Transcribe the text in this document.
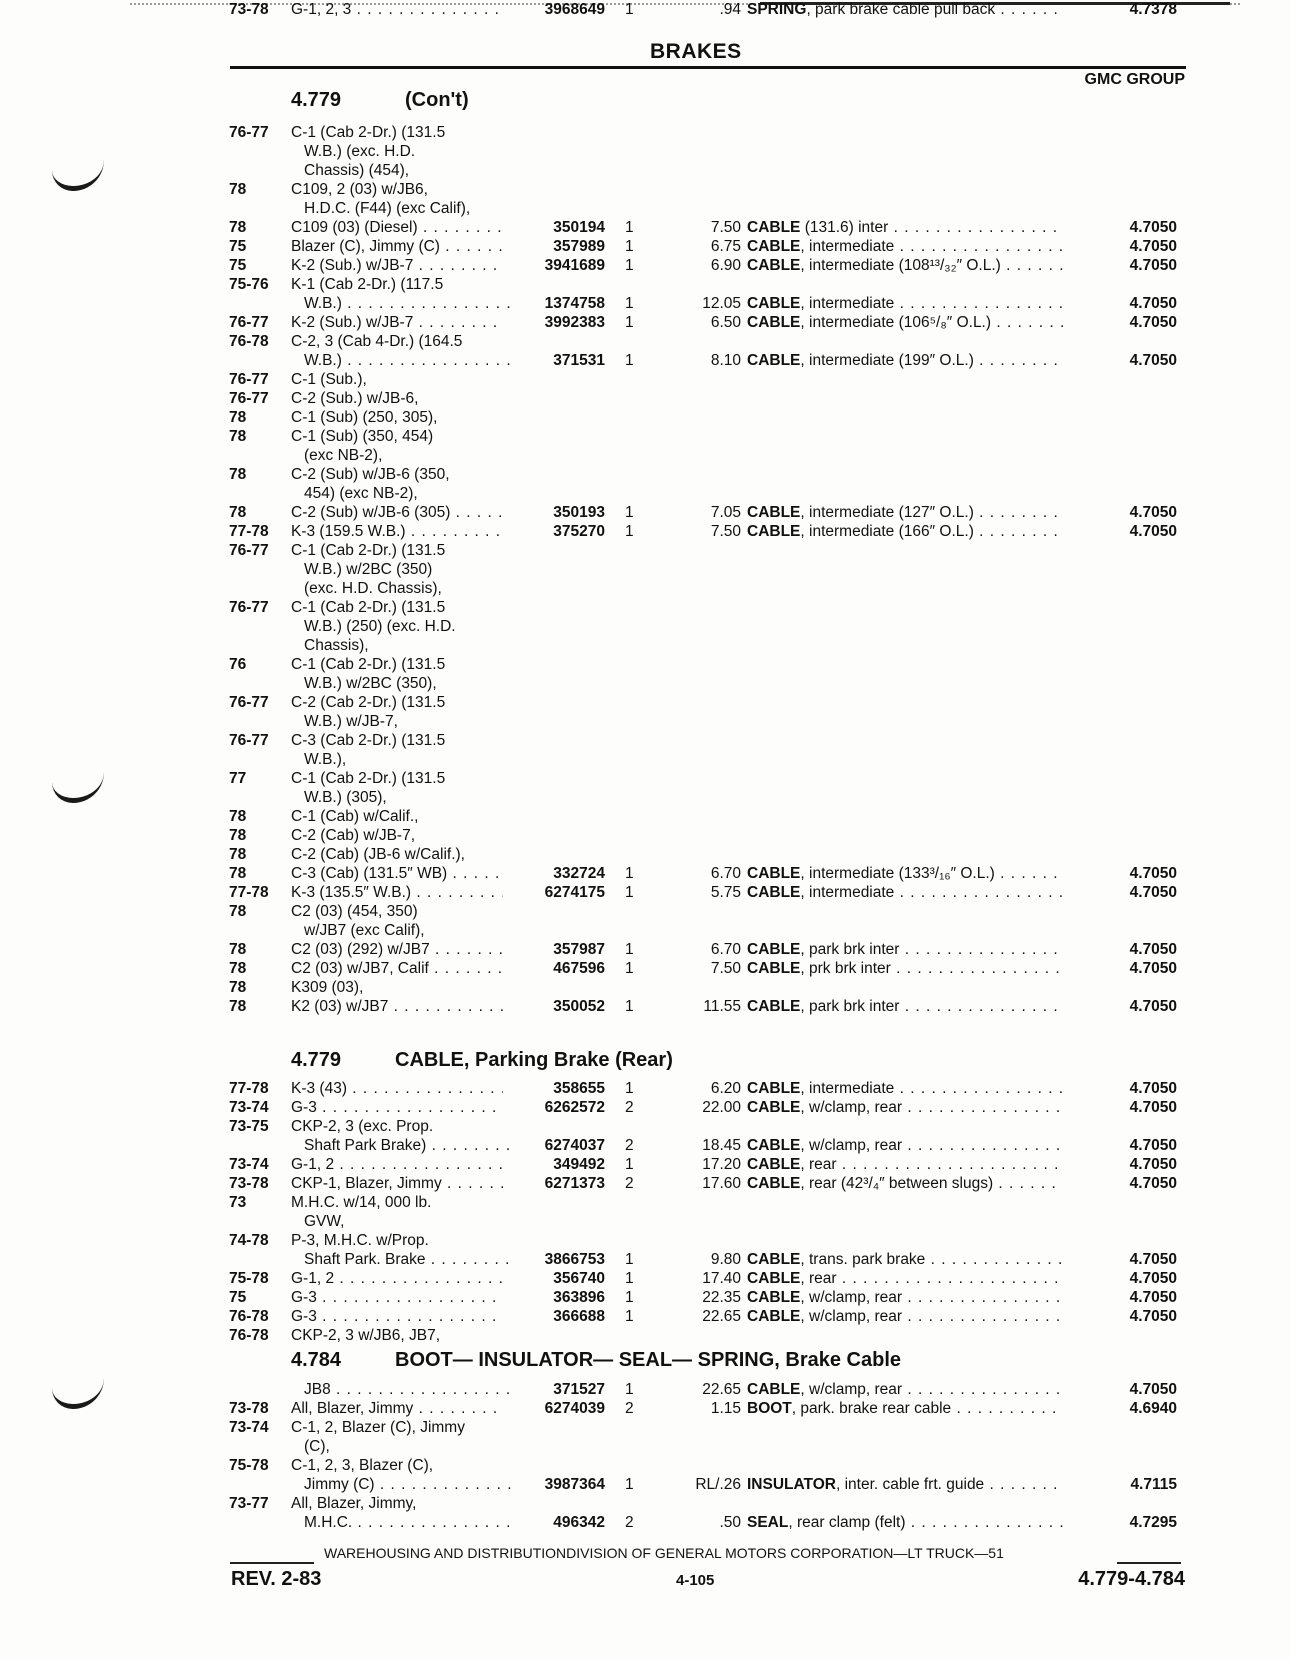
BRAKES
GMC GROUP
4.779	(Con't)
4.779	CABLE, Parking Brake (Rear)
4.784	BOOT— INSULATOR— SEAL— SPRING, Brake Cable
76-77 C-1 (Cab 2-Dr.) (131.5
W.B.) (exc. H.D.
Chassis) (454),
78	C109, 2 (03) w/JB6,
H.D.C. (F44) (exc Calif),
78	C109 (03) (Diesel) . . .	350194 1	7.50 CABLE (131.6) inter . . .	4.7050
75	Blazer (C), Jimmy (C) . . .	357989 1	6.75 CABLE, intermediate . . .	4.7050
75	K-2 (Sub.) w/JB-7 . . .	3941689 1	6.90 CABLE, intermediate (108¹³/₃₂″ O.L.) . . .	4.7050
75-76 K-1 (Cab 2-Dr.) (117.5
W.B.) . . .	1374758 1	12.05 CABLE, intermediate . . .	4.7050
76-77 K-2 (Sub.) w/JB-7 . . .	3992383 1	6.50 CABLE, intermediate (106⁵/₈″ O.L.) . . .	4.7050
76-78 C-2, 3 (Cab 4-Dr.) (164.5
W.B.) . . .	371531 1	8.10 CABLE, intermediate (199″ O.L.) . . .	4.7050
76-77 C-1 (Sub.),
76-77 C-2 (Sub.) w/JB-6,
78	C-1 (Sub) (250, 305),
78	C-1 (Sub) (350, 454)
(exc NB-2),
78	C-2 (Sub) w/JB-6 (350,
454) (exc NB-2),
78	C-2 (Sub) w/JB-6 (305) . . .	350193 1	7.05 CABLE, intermediate (127″ O.L.) . . .	4.7050
77-78 K-3 (159.5 W.B.) . . .	375270 1	7.50 CABLE, intermediate (166″ O.L.) . . .	4.7050
76-77 C-1 (Cab 2-Dr.) (131.5
W.B.) w/2BC (350)
(exc. H.D. Chassis),
76-77 C-1 (Cab 2-Dr.) (131.5
W.B.) (250) (exc. H.D.
Chassis),
76	C-1 (Cab 2-Dr.) (131.5
W.B.) w/2BC (350),
76-77 C-2 (Cab 2-Dr.) (131.5
W.B.) w/JB-7,
76-77 C-3 (Cab 2-Dr.) (131.5
W.B.),
77	C-1 (Cab 2-Dr.) (131.5
W.B.) (305),
78	C-1 (Cab) w/Calif.,
78	C-2 (Cab) w/JB-7,
78	C-2 (Cab) (JB-6 w/Calif.),
78	C-3 (Cab) (131.5″ WB) . . .	332724 1	6.70 CABLE, intermediate (133³/₁₆″ O.L.) . . .	4.7050
77-78 K-3 (135.5″ W.B.) . . .	6274175 1	5.75 CABLE, intermediate . . .	4.7050
78	C2 (03) (454, 350)
w/JB7 (exc Calif),
78	C2 (03) (292) w/JB7 . . .	357987 1	6.70 CABLE, park brk inter . . .	4.7050
78	C2 (03) w/JB7, Calif . . .	467596 1	7.50 CABLE, prk brk inter . . .	4.7050
78	K309 (03),
78	K2 (03) w/JB7 . . .	350052 1	11.55 CABLE, park brk inter . . .	4.7050
77-78 K-3 (43) . . .	358655 1	6.20 CABLE, intermediate . . .	4.7050
73-74 G-3 . . .	6262572 2	22.00 CABLE, w/clamp, rear . . .	4.7050
73-75 CKP-2, 3 (exc. Prop.
Shaft Park Brake) . . .	6274037 2	18.45 CABLE, w/clamp, rear . . .	4.7050
73-74 G-1, 2 . . .	349492 1	17.20 CABLE, rear . . .	4.7050
73-78 CKP-1, Blazer, Jimmy . . .	6271373 2	17.60 CABLE, rear (42³/₄″ between slugs) . . .	4.7050
73	M.H.C. w/14, 000 lb.
GVW,
74-78 P-3, M.H.C. w/Prop.
Shaft Park. Brake . . .	3866753 1	9.80 CABLE, trans. park brake . . .	4.7050
75-78 G-1, 2 . . .	356740 1	17.40 CABLE, rear . . .	4.7050
75	G-3 . . .	363896 1	22.35 CABLE, w/clamp, rear . . .	4.7050
76-78 G-3 . . .	366688 1	22.65 CABLE, w/clamp, rear . . .	4.7050
76-78 CKP-2, 3 w/JB6, JB7,
JB8 . . .	371527 1	22.65 CABLE, w/clamp, rear . . .	4.7050
73-78 All, Blazer, Jimmy . . .	6274039 2	1.15 BOOT, park. brake rear cable . . .	4.6940
73-74 C-1, 2, Blazer (C), Jimmy
(C),
75-78 C-1, 2, 3, Blazer (C),
Jimmy (C) . . .	3987364 1	RL/.26 INSULATOR, inter. cable frt. guide . . .	4.7115
73-77 All, Blazer, Jimmy,
M.H.C. . . .	496342 2	.50 SEAL, rear clamp (felt) . . .	4.7295
73-78 G-1, 2, 3 . . .	3968649 1	.94 SPRING, park brake cable pull back . . .	4.7378
WAREHOUSING AND DISTRIBUTIONDIVISION OF GENERAL MOTORS CORPORATION—LT TRUCK—51
REV. 2-83	4-105	4.779-4.784
